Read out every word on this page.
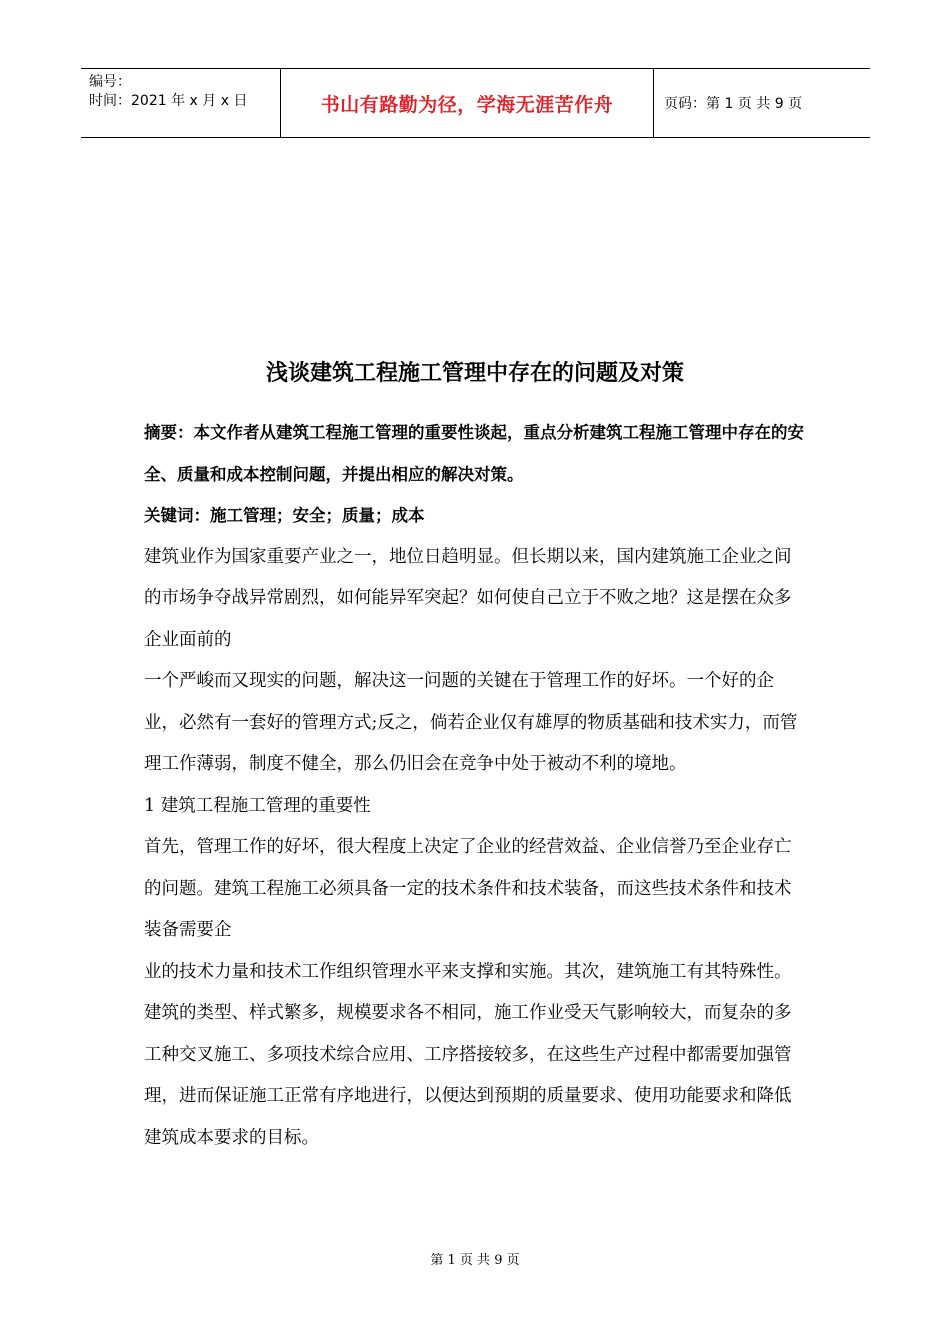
编号：
时间：2021 年 x 月 x 日	书山有路勤为径，学海无涯苦作舟	页码：第 1 页 共 9 页
浅谈建筑工程施工管理中存在的问题及对策

摘要：本文作者从建筑工程施工管理的重要性谈起，重点分析建筑工程施工管理中存在的安全、质量和成本控制问题，并提出相应的解决对策。

关键词：施工管理；安全；质量；成本

建筑业作为国家重要产业之一，地位日趋明显。但长期以来，国内建筑施工企业之间的市场争夺战异常剧烈，如何能异军突起？如何使自己立于不败之地？这是摆在众多企业面前的

一个严峻而又现实的问题，解决这一问题的关键在于管理工作的好坏。一个好的企业，必然有一套好的管理方式;反之，倘若企业仅有雄厚的物质基础和技术实力，而管理工作薄弱，制度不健全，那么仍旧会在竞争中处于被动不利的境地。

1 建筑工程施工管理的重要性

首先，管理工作的好坏，很大程度上决定了企业的经营效益、企业信誉乃至企业存亡的问题。建筑工程施工必须具备一定的技术条件和技术装备，而这些技术条件和技术装备需要企

业的技术力量和技术工作组织管理水平来支撑和实施。其次，建筑施工有其特殊性。建筑的类型、样式繁多，规模要求各不相同，施工作业受天气影响较大，而复杂的多工种交叉施工、多项技术综合应用、工序搭接较多，在这些生产过程中都需要加强管理，进而保证施工正常有序地进行，以便达到预期的质量要求、使用功能要求和降低建筑成本要求的目标。

第 1 页 共 9 页
